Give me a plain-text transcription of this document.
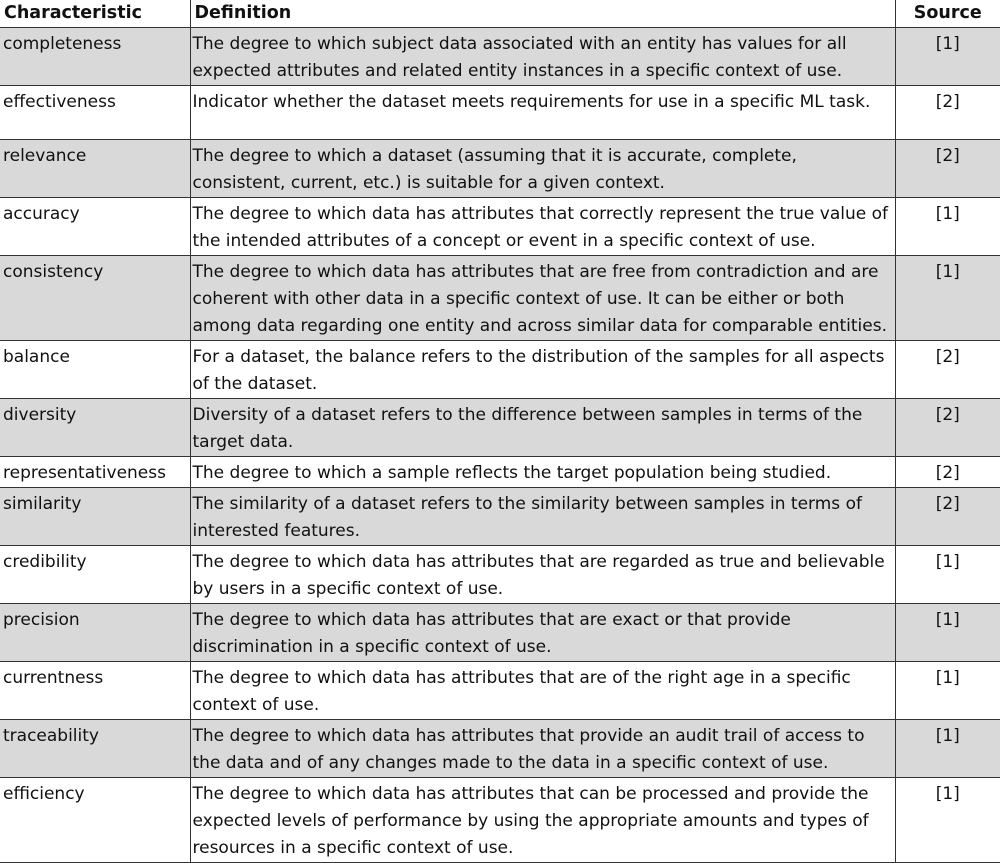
Characteristic	Definition	Source
completeness	The degree to which subject data associated with an entity has values for all expected attributes and related entity instances in a specific context of use.	[1]
effectiveness	Indicator whether the dataset meets requirements for use in a specific ML task.	[2]
relevance	The degree to which a dataset (assuming that it is accurate, complete, consistent, current, etc.) is suitable for a given context.	[2]
accuracy	The degree to which data has attributes that correctly represent the true value of the intended attributes of a concept or event in a specific context of use.	[1]
consistency	The degree to which data has attributes that are free from contradiction and are coherent with other data in a specific context of use. It can be either or both among data regarding one entity and across similar data for comparable entities.	[1]
balance	For a dataset, the balance refers to the distribution of the samples for all aspects of the dataset.	[2]
diversity	Diversity of a dataset refers to the difference between samples in terms of the target data.	[2]
representativeness	The degree to which a sample reflects the target population being studied.	[2]
similarity	The similarity of a dataset refers to the similarity between samples in terms of interested features.	[2]
credibility	The degree to which data has attributes that are regarded as true and believable by users in a specific context of use.	[1]
precision	The degree to which data has attributes that are exact or that provide discrimination in a specific context of use.	[1]
currentness	The degree to which data has attributes that are of the right age in a specific context of use.	[1]
traceability	The degree to which data has attributes that provide an audit trail of access to the data and of any changes made to the data in a specific context of use.	[1]
efficiency	The degree to which data has attributes that can be processed and provide the expected levels of performance by using the appropriate amounts and types of resources in a specific context of use.	[1]
